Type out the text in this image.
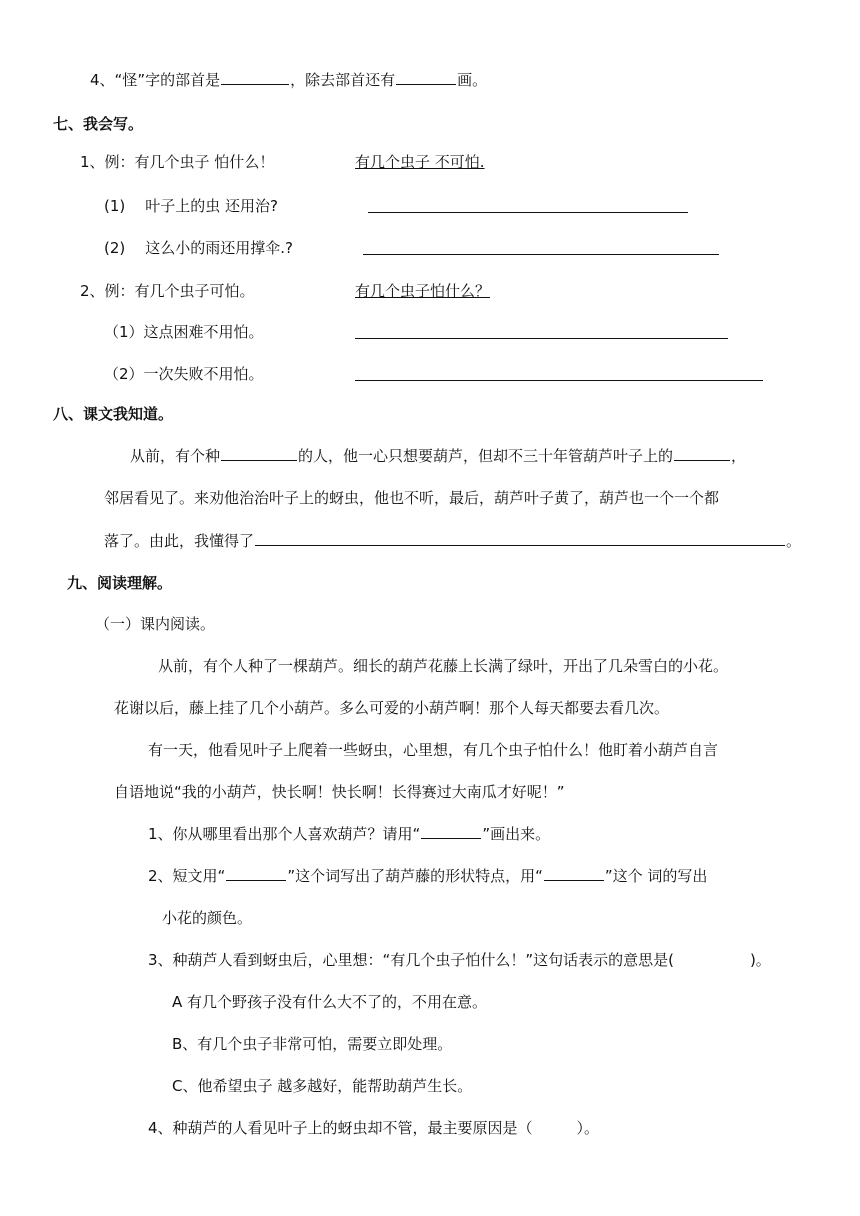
4、“怪”字的部首是	，除去部首还有	画。
七、我会写。
1、例：有几个虫子 怕什么！	有几个虫子 不可怕.
(1) 叶子上的虫 还用治?
(2) 这么小的雨还用撑伞.?
2、例：有几个虫子可怕。	有几个虫子怕什么？
（1）这点困难不用怕。
（2）一次失败不用怕。
八、课文我知道。
从前，有个种	的人，他一心只想要葫芦，但却不三十年管葫芦叶子上的	，
邻居看见了。来劝他治治叶子上的蚜虫，他也不听，最后，葫芦叶子黄了，葫芦也一个一个都
落了。由此，我懂得了	。
九、阅读理解。
（一）课内阅读。
从前，有个人种了一棵葫芦。细长的葫芦花藤上长满了绿叶，开出了几朵雪白的小花。
花谢以后，藤上挂了几个小葫芦。多么可爱的小葫芦啊！那个人每天都要去看几次。
有一天，他看见叶子上爬着一些蚜虫，心里想，有几个虫子怕什么！他盯着小葫芦自言
自语地说“我的小葫芦，快长啊！快长啊！长得赛过大南瓜才好呢！”
1、你从哪里看出那个人喜欢葫芦？请用“	”画出来。
2、短文用“	”这个词写出了葫芦藤的形状特点，用“	”这个 词的写出
小花的颜色。
3、种葫芦人看到蚜虫后，心里想：“有几个虫子怕什么！”这句话表示的意思是(	)。
A 有几个野孩子没有什么大不了的，不用在意。
B、有几个虫子非常可怕，需要立即处理。
C、他希望虫子 越多越好，能帮助葫芦生长。
4、种葫芦的人看见叶子上的蚜虫却不管，最主要原因是（	）。
